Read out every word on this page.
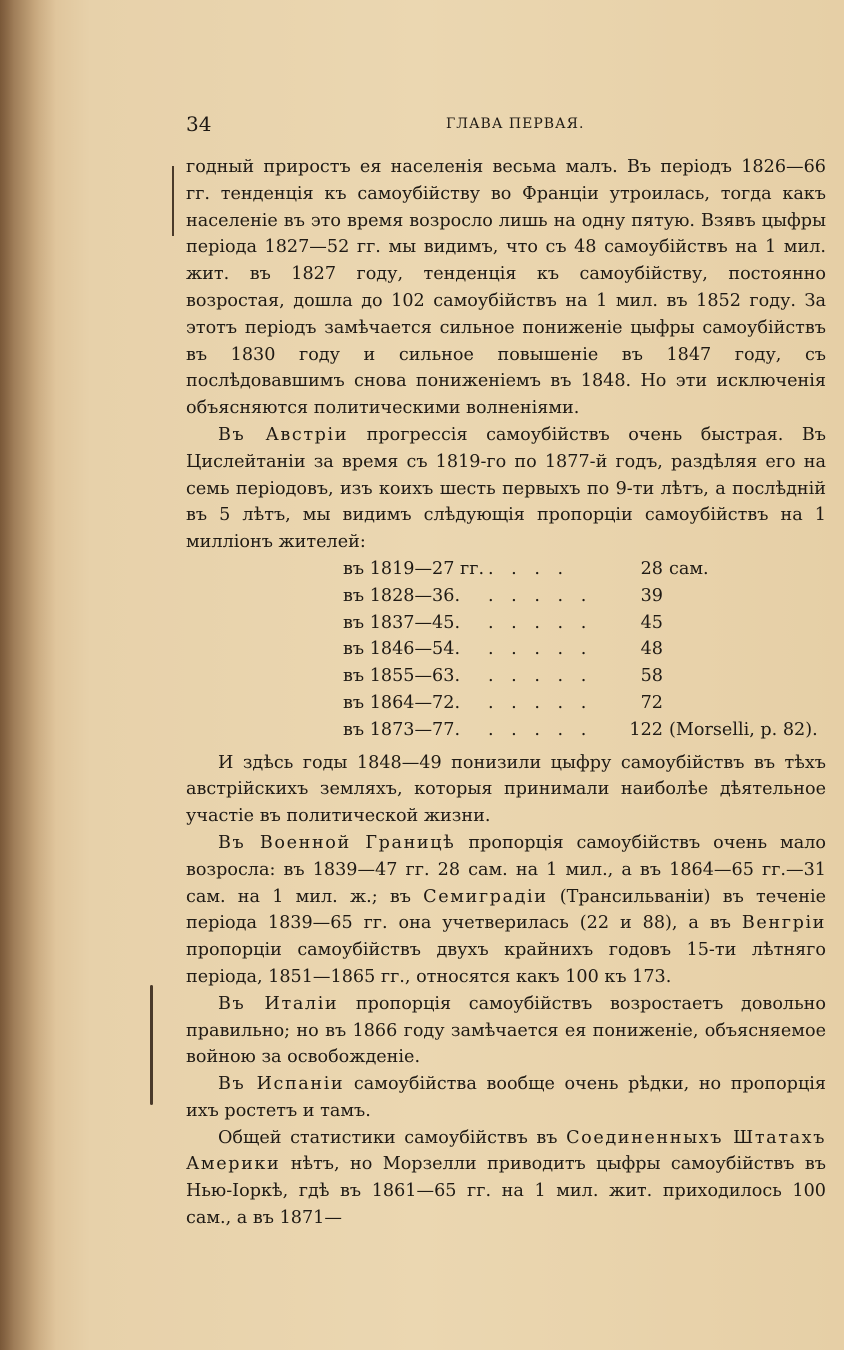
34	ГЛАВА ПЕРВАЯ.

годный приростъ ея населенія весьма малъ. Въ періодъ 1826—66 гг. тенденція къ самоубійству во Франціи утроилась, тогда какъ населеніе въ это время возросло лишь на одну пятую. Взявъ цыфры періода 1827—52 гг. мы видимъ, что съ 48 самоубійствъ на 1 мил. жит. въ 1827 году, тенденція къ самоубійству, постоянно возростая, дошла до 102 самоубійствъ на 1 мил. въ 1852 году. За этотъ періодъ замѣчается сильное пониженіе цыфры самоубійствъ въ 1830 году и сильное повышеніе въ 1847 году, съ послѣдовавшимъ снова пониженіемъ въ 1848. Но эти исключенія объясняются политическими волненіями.

Въ Австріи прогрессія самоубійствъ очень быстрая. Въ Цислейтаніи за время съ 1819-го по 1877-й годъ, раздѣляя его на семь періодовъ, изъ коихъ шесть первыхъ по 9-ти лѣтъ, а послѣдній въ 5 лѣтъ, мы видимъ слѣдующія пропорціи самоубійствъ на 1 милліонъ жителей:

въ 1819—27 гг.	. . . .	28	сам.
въ 1828—36.	. . . . .	39	
въ 1837—45.	. . . . .	45	
въ 1846—54.	. . . . .	48	
въ 1855—63.	. . . . .	58	
въ 1864—72.	. . . . .	72	
въ 1873—77.	. . . . .	122	(Morselli, p. 82).

И здѣсь годы 1848—49 понизили цыфру самоубійствъ въ тѣхъ австрійскихъ земляхъ, которыя принимали наиболѣе дѣятельное участіе въ политической жизни.

Въ Военной Границѣ пропорція самоубійствъ очень мало возросла: въ 1839—47 гг. 28 сам. на 1 мил., а въ 1864—65 гг.—31 сам. на 1 мил. ж.; въ Семиградіи (Трансильваніи) въ теченіе періода 1839—65 гг. она учетверилась (22 и 88), а въ Венгріи пропорціи самоубійствъ двухъ крайнихъ годовъ 15-ти лѣтняго періода, 1851—1865 гг., относятся какъ 100 къ 173.

Въ Италіи пропорція самоубійствъ возростаетъ довольно правильно; но въ 1866 году замѣчается ея пониженіе, объясняемое войною за освобожденіе.

Въ Испаніи самоубійства вообще очень рѣдки, но пропорція ихъ ростетъ и тамъ.

Общей статистики самоубійствъ въ Соединенныхъ Штатахъ Америки нѣтъ, но Морзелли приводитъ цыфры самоубійствъ въ Нью-Іоркѣ, гдѣ въ 1861—65 гг. на 1 мил. жит. приходилось 100 сам., а въ 1871—
